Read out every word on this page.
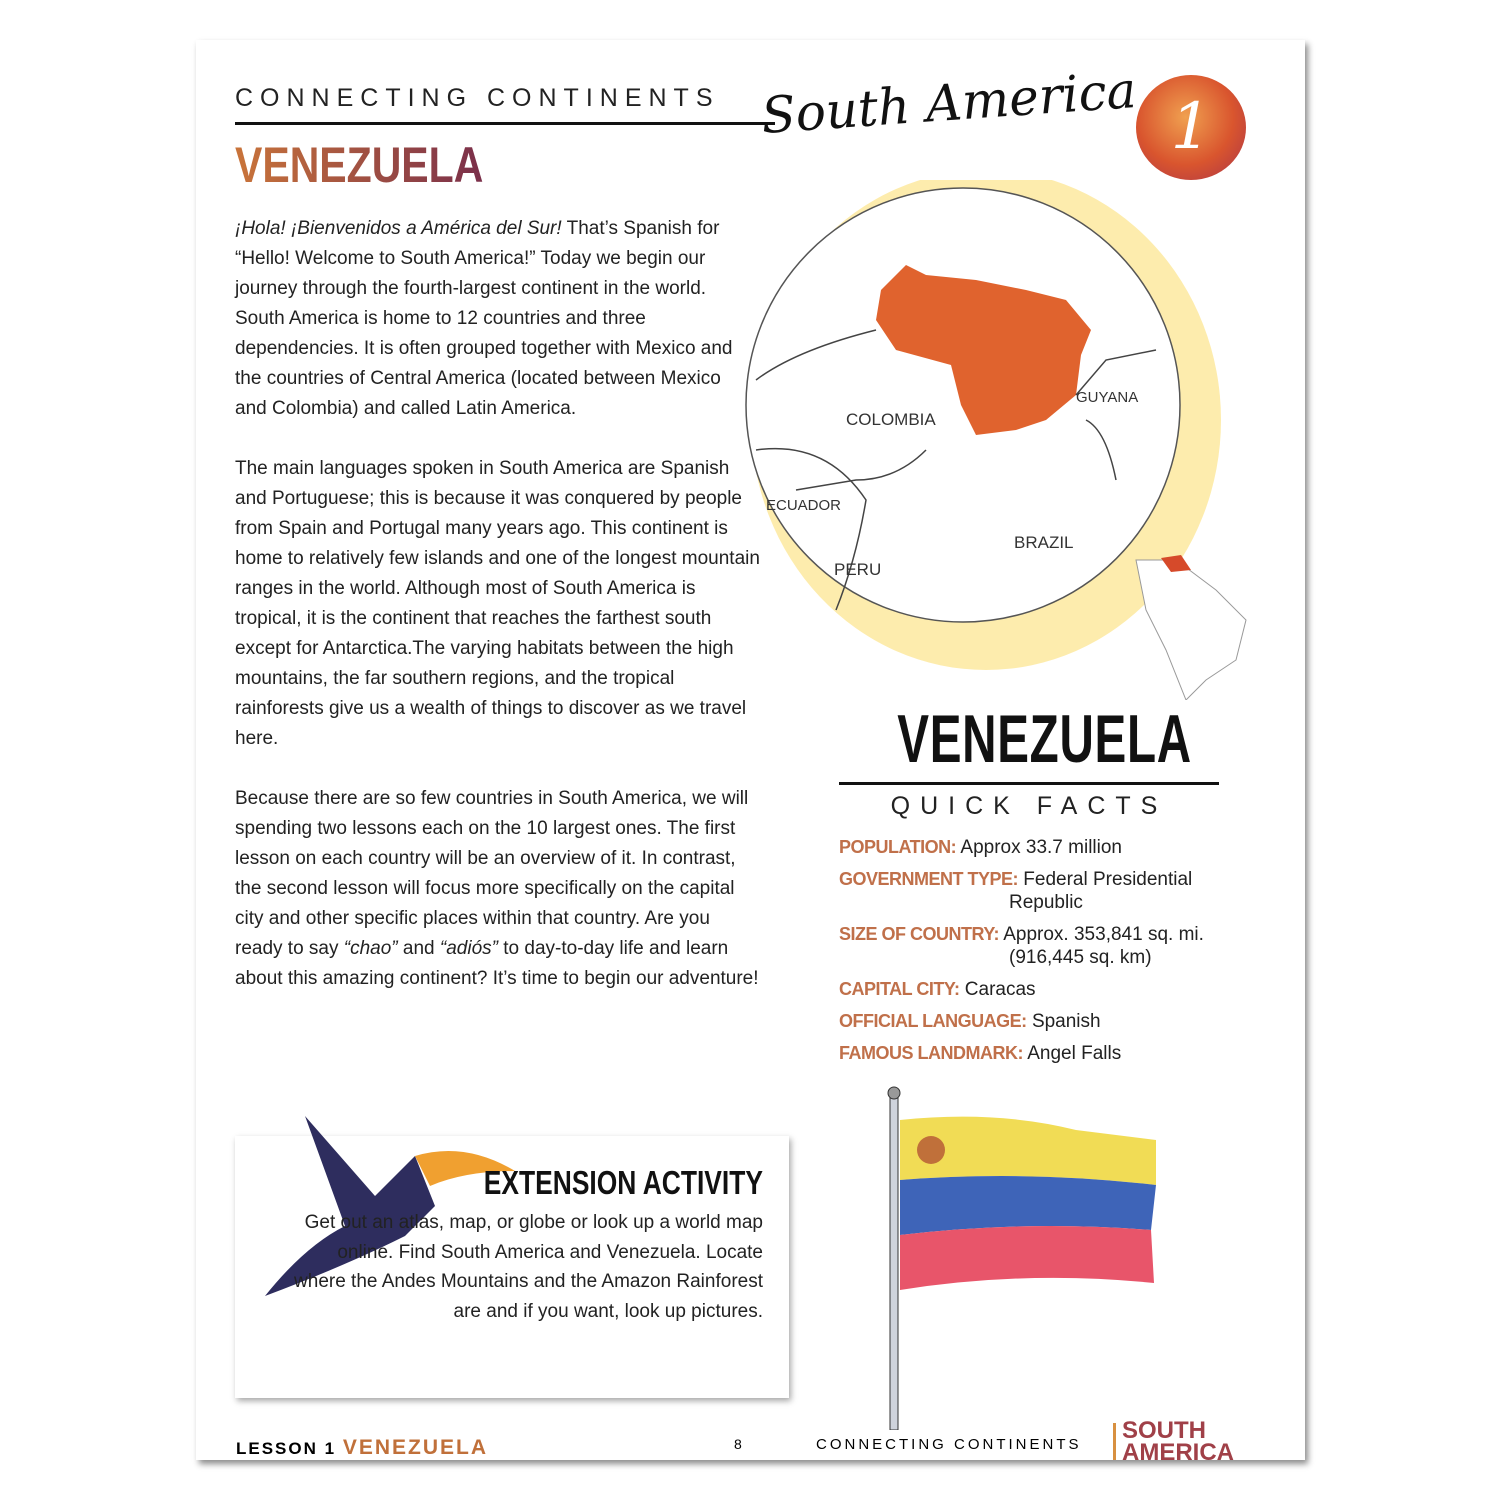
CONNECTING CONTINENTS South America 1
VENEZUELA
COLOMBIA
GUYANA
ECUADOR
PERU
BRAZIL

¡Hola! ¡Bienvenidos a América del Sur! That’s Spanish for “Hello! Welcome to South America!” Today we begin our journey through the fourth-largest continent in the world. South America is home to 12 countries and three dependencies. It is often grouped together with Mexico and the countries of Central America (located between Mexico and Colombia) and called Latin America.

The main languages spoken in South America are Spanish and Portuguese; this is because it was conquered by people from Spain and Portugal many years ago. This continent is home to relatively few islands and one of the longest mountain ranges in the world. Although most of South America is tropical, it is the continent that reaches the farthest south except for Antarctica.The varying habitats between the high mountains, the far southern regions, and the tropical rainforests give us a wealth of things to discover as we travel here.

Because there are so few countries in South America, we will spending two lessons each on the 10 largest ones. The first lesson on each country will be an overview of it. In contrast, the second lesson will focus more specifically on the capital city and other specific places within that country. Are you ready to say “chao” and “adiós” to day-to-day life and learn about this amazing continent? It’s time to begin our adventure!

VENEZUELA
QUICK FACTS
POPULATION: Approx 33.7 million
GOVERNMENT TYPE: Federal Presidential
Republic
SIZE OF COUNTRY: Approx. 353,841 sq. mi.
(916,445 sq. km)
CAPITAL CITY: Caracas
OFFICIAL LANGUAGE: Spanish
FAMOUS LANDMARK: Angel Falls
EXTENSION ACTIVITY
Get out an atlas, map, or globe or look up a world map online. Find South America and Venezuela. Locate where the Andes Mountains and the Amazon Rainforest are and if you want, look up pictures.
LESSON 1 VENEZUELA	8	CONNECTING CONTINENTS
SOUTH
AMERICA
